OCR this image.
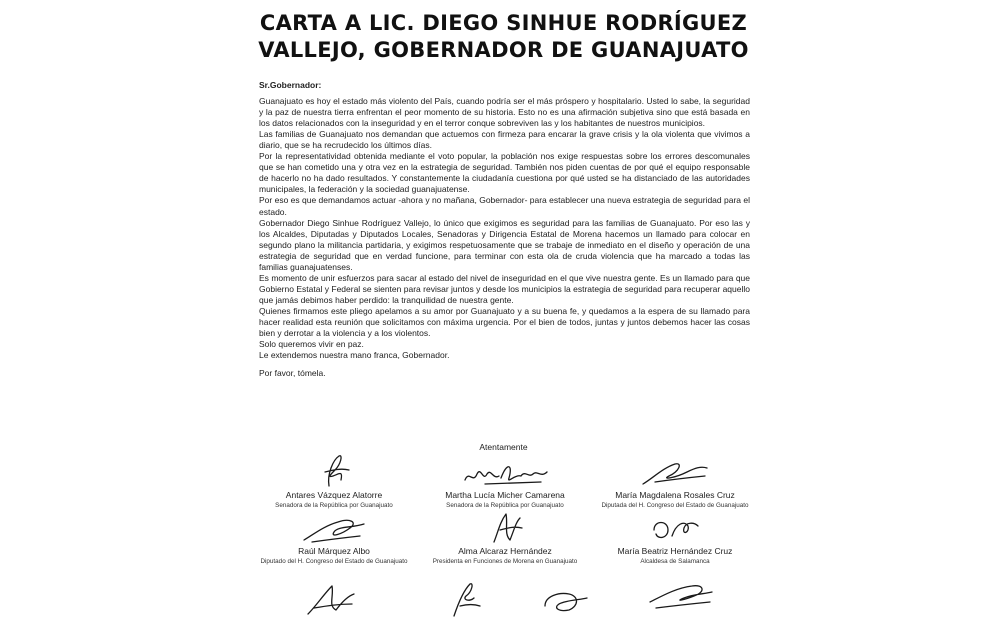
CARTA A LIC. DIEGO SINHUE RODRÍGUEZ
VALLEJO, GOBERNADOR DE GUANAJUATO

Sr.Gobernador:

Guanajuato es hoy el estado más violento del País, cuando podría ser el más próspero y hospitalario. Usted lo sabe, la seguridad y la paz de nuestra tierra enfrentan el peor momento de su historia. Esto no es una afirmación subjetiva sino que está basada en los datos relacionados con la inseguridad y en el terror conque sobreviven las y los habitantes de nuestros municipios.

Las familias de Guanajuato nos demandan que actuemos con firmeza para encarar la grave crisis y la ola violenta que vivimos a diario, que se ha recrudecido los últimos días.

Por la representatividad obtenida mediante el voto popular, la población nos exige respuestas sobre los errores descomunales que se han cometido una y otra vez en la estrategia de seguridad. También nos piden cuentas de por qué el equipo responsable de hacerlo no ha dado resultados. Y constantemente la ciudadanía cuestiona por qué usted se ha distanciado de las autoridades municipales, la federación y la sociedad guanajuatense.

Por eso es que demandamos actuar -ahora y no mañana, Gobernador- para establecer una nueva estrategia de seguridad para el estado.

Gobernador Diego Sinhue Rodríguez Vallejo, lo único que exigimos es seguridad para las familias de Guanajuato. Por eso las y los Alcaldes, Diputadas y Diputados Locales, Senadoras y Dirigencia Estatal de Morena hacemos un llamado para colocar en segundo plano la militancia partidaria, y exigimos respetuosamente que se trabaje de inmediato en el diseño y operación de una estrategia de seguridad que en verdad funcione, para terminar con esta ola de cruda violencia que ha marcado a todas las familias guanajuatenses.

Es momento de unir esfuerzos para sacar al estado del nivel de inseguridad en el que vive nuestra gente. Es un llamado para que Gobierno Estatal y Federal se sienten para revisar juntos y desde los municipios la estrategia de seguridad para recuperar aquello que jamás debimos haber perdido: la tranquilidad de nuestra gente.

Quienes firmamos este pliego apelamos a su amor por Guanajuato y a su buena fe, y quedamos a la espera de su llamado para hacer realidad esta reunión que solicitamos con máxima urgencia. Por el bien de todos, juntas y juntos debemos hacer las cosas bien y derrotar a la violencia y a los violentos.

Solo queremos vivir en paz.

Le extendemos nuestra mano franca, Gobernador.

Por favor, tómela.

Atentamente
Antares Vázquez Alatorre
Senadora de la República por Guanajuato
Martha Lucía Micher Camarena
Senadora de la República por Guanajuato
María Magdalena Rosales Cruz
Diputada del H. Congreso del Estado de Guanajuato
Raúl Márquez Albo
Diputado del H. Congreso del Estado de Guanajuato
Alma Alcaraz Hernández
Presidenta en Funciones de Morena en Guanajuato
María Beatriz Hernández Cruz
Alcaldesa de Salamanca
